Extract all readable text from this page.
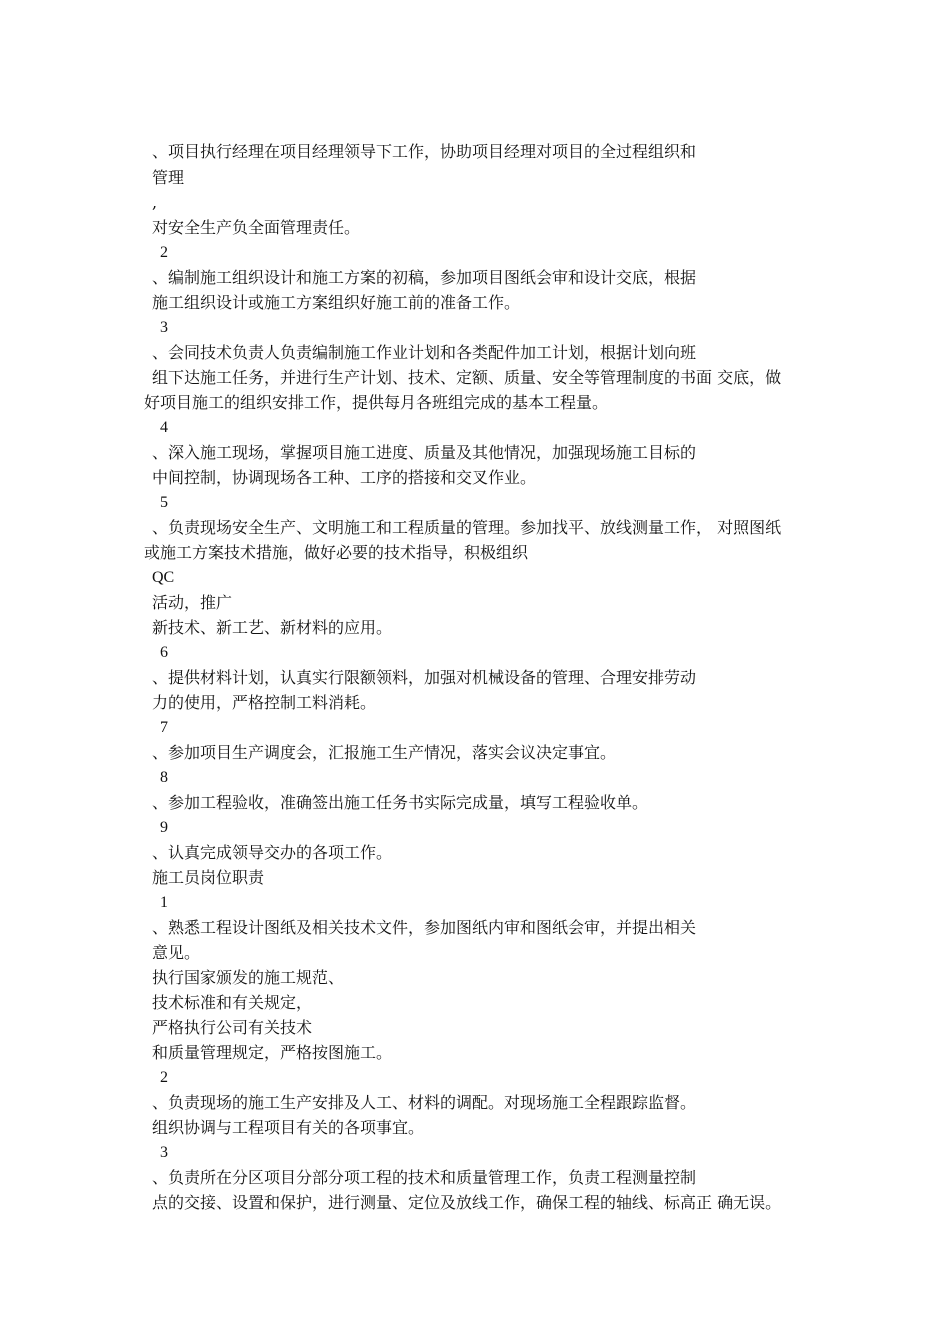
、项目执行经理在项目经理领导下工作，协助项目经理对项目的全过程组织和
管理
,
对安全生产负全面管理责任。
2
、编制施工组织设计和施工方案的初稿，参加项目图纸会审和设计交底，根据
施工组织设计或施工方案组织好施工前的准备工作。
3
、会同技术负责人负责编制施工作业计划和各类配件加工计划，根据计划向班
组下达施工任务，并进行生产计划、技术、定额、质量、安全等管理制度的书面 交底，做
好项目施工的组织安排工作，提供每月各班组完成的基本工程量。
4
、深入施工现场，掌握项目施工进度、质量及其他情况，加强现场施工目标的
中间控制，协调现场各工种、工序的搭接和交叉作业。
5
、负责现场安全生产、文明施工和工程质量的管理。参加找平、放线测量工作， 对照图纸
或施工方案技术措施，做好必要的技术指导，积极组织
QC
活动，推广
新技术、新工艺、新材料的应用。
6
、提供材料计划，认真实行限额领料，加强对机械设备的管理、合理安排劳动
力的使用，严格控制工料消耗。
7
、参加项目生产调度会，汇报施工生产情况，落实会议决定事宜。
8
、参加工程验收，准确签出施工任务书实际完成量，填写工程验收单。
9
、认真完成领导交办的各项工作。
施工员岗位职责
1
、熟悉工程设计图纸及相关技术文件，参加图纸内审和图纸会审，并提出相关
意见。
执行国家颁发的施工规范、
技术标准和有关规定，
严格执行公司有关技术
和质量管理规定，严格按图施工。
2
、负责现场的施工生产安排及人工、材料的调配。对现场施工全程跟踪监督。
组织协调与工程项目有关的各项事宜。
3
、负责所在分区项目分部分项工程的技术和质量管理工作，负责工程测量控制
点的交接、设置和保护，进行测量、定位及放线工作，确保工程的轴线、标高正 确无误。
